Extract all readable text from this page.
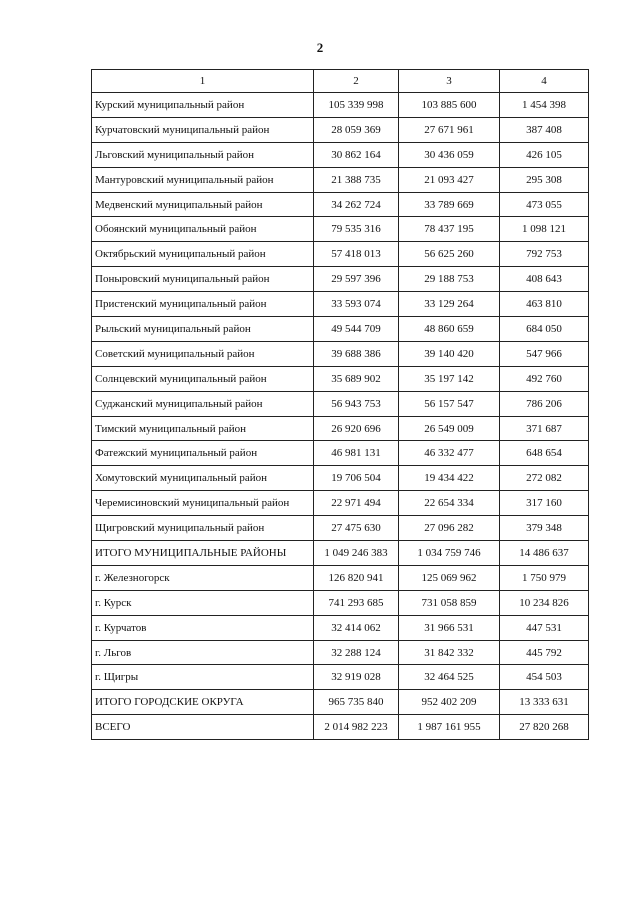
2
1	2	3	4
Курский муниципальный район	105 339 998	103 885 600	1 454 398
Курчатовский муниципальный район	28 059 369	27 671 961	387 408
Льговский муниципальный район	30 862 164	30 436 059	426 105
Мантуровский муниципальный район	21 388 735	21 093 427	295 308
Медвенский муниципальный район	34 262 724	33 789 669	473 055
Обоянский муниципальный район	79 535 316	78 437 195	1 098 121
Октябрьский муниципальный район	57 418 013	56 625 260	792 753
Поныровский муниципальный район	29 597 396	29 188 753	408 643
Пристенский муниципальный район	33 593 074	33 129 264	463 810
Рыльский муниципальный район	49 544 709	48 860 659	684 050
Советский муниципальный район	39 688 386	39 140 420	547 966
Солнцевский муниципальный район	35 689 902	35 197 142	492 760
Суджанский муниципальный район	56 943 753	56 157 547	786 206
Тимский муниципальный район	26 920 696	26 549 009	371 687
Фатежский муниципальный район	46 981 131	46 332 477	648 654
Хомутовский муниципальный район	19 706 504	19 434 422	272 082
Черемисиновский муниципальный район	22 971 494	22 654 334	317 160
Щигровский муниципальный район	27 475 630	27 096 282	379 348
ИТОГО МУНИЦИПАЛЬНЫЕ РАЙОНЫ	1 049 246 383	1 034 759 746	14 486 637
г. Железногорск	126 820 941	125 069 962	1 750 979
г. Курск	741 293 685	731 058 859	10 234 826
г. Курчатов	32 414 062	31 966 531	447 531
г. Льгов	32 288 124	31 842 332	445 792
г. Щигры	32 919 028	32 464 525	454 503
ИТОГО ГОРОДСКИЕ ОКРУГА	965 735 840	952 402 209	13 333 631
ВСЕГО	2 014 982 223	1 987 161 955	27 820 268
